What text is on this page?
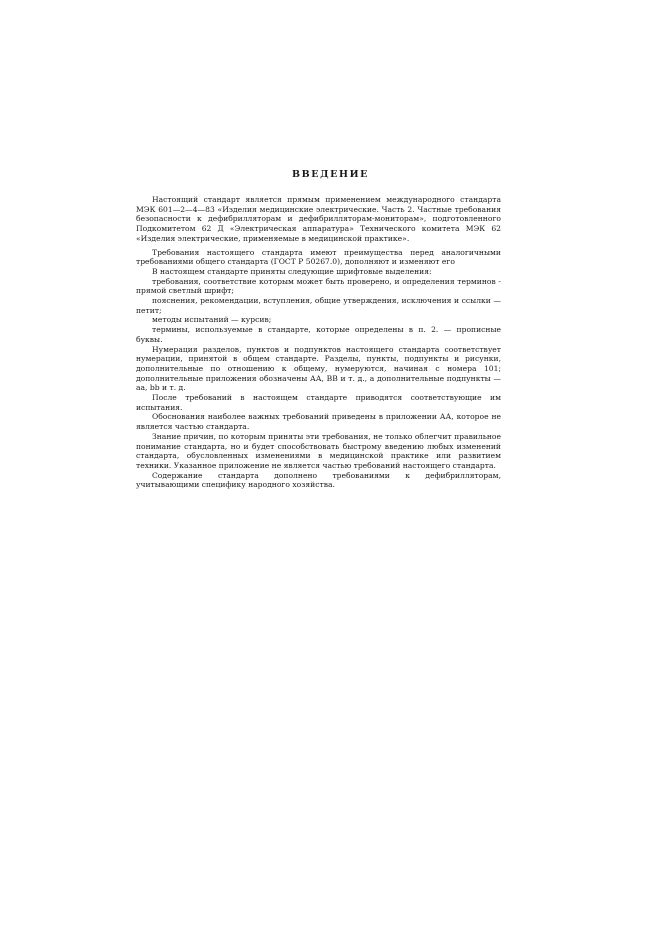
ВВЕДЕНИЕ

Настоящий стандарт является прямым применением международного стандарта МЭК 601—2—4—83 «Изделия медицинские электрические. Часть 2. Частные требования безопасности к дефибрилляторам и дефибрилляторам-мониторам», подготовленного Подкомитетом 62 Д «Электрическая аппаратура» Технического комитета МЭК 62 «Изделия электрические, применяемые в медицинской практике».

Требования настоящего стандарта имеют преимущества перед аналогичными требованиями общего стандарта (ГОСТ Р 50267.0), дополняют и изменяют его

В настоящем стандарте приняты следующие шрифтовые выделения:

требования, соответствие которым может быть проверено, и определения терминов - прямой светлый шрифт;

пояснения, рекомендации, вступления, общие утверждения, исключения и ссылки — петит;

методы испытаний — курсив;

термины, используемые в стандарте, которые определены в п. 2. — прописные буквы.

Нумерация разделов, пунктов и подпунктов настоящего стандарта соответствует нумерации, принятой в общем стандарте. Разделы, пункты, подпункты и рисунки, дополнительные по отношению к общему, нумеруются, начиная с номера 101; дополнительные приложения обозначены АА, ВВ и т. д., а дополнительные подпункты — аа, bb и т. д.

После требований в настоящем стандарте приводятся соответствующие им испытания.

Обоснования наиболее важных требований приведены в приложении АА, которое не является частью стандарта.

Знание причин, по которым приняты эти требования, не только облегчит правильное понимание стандарта, но и будет способствовать быстрому введению любых изменений стандарта, обусловленных изменениями в медицинской практике или развитием техники. Указанное приложение не является частью требований настоящего стандарта.

Содержание стандарта дополнено требованиями к дефибрилляторам, учитывающими специфику народного хозяйства.
